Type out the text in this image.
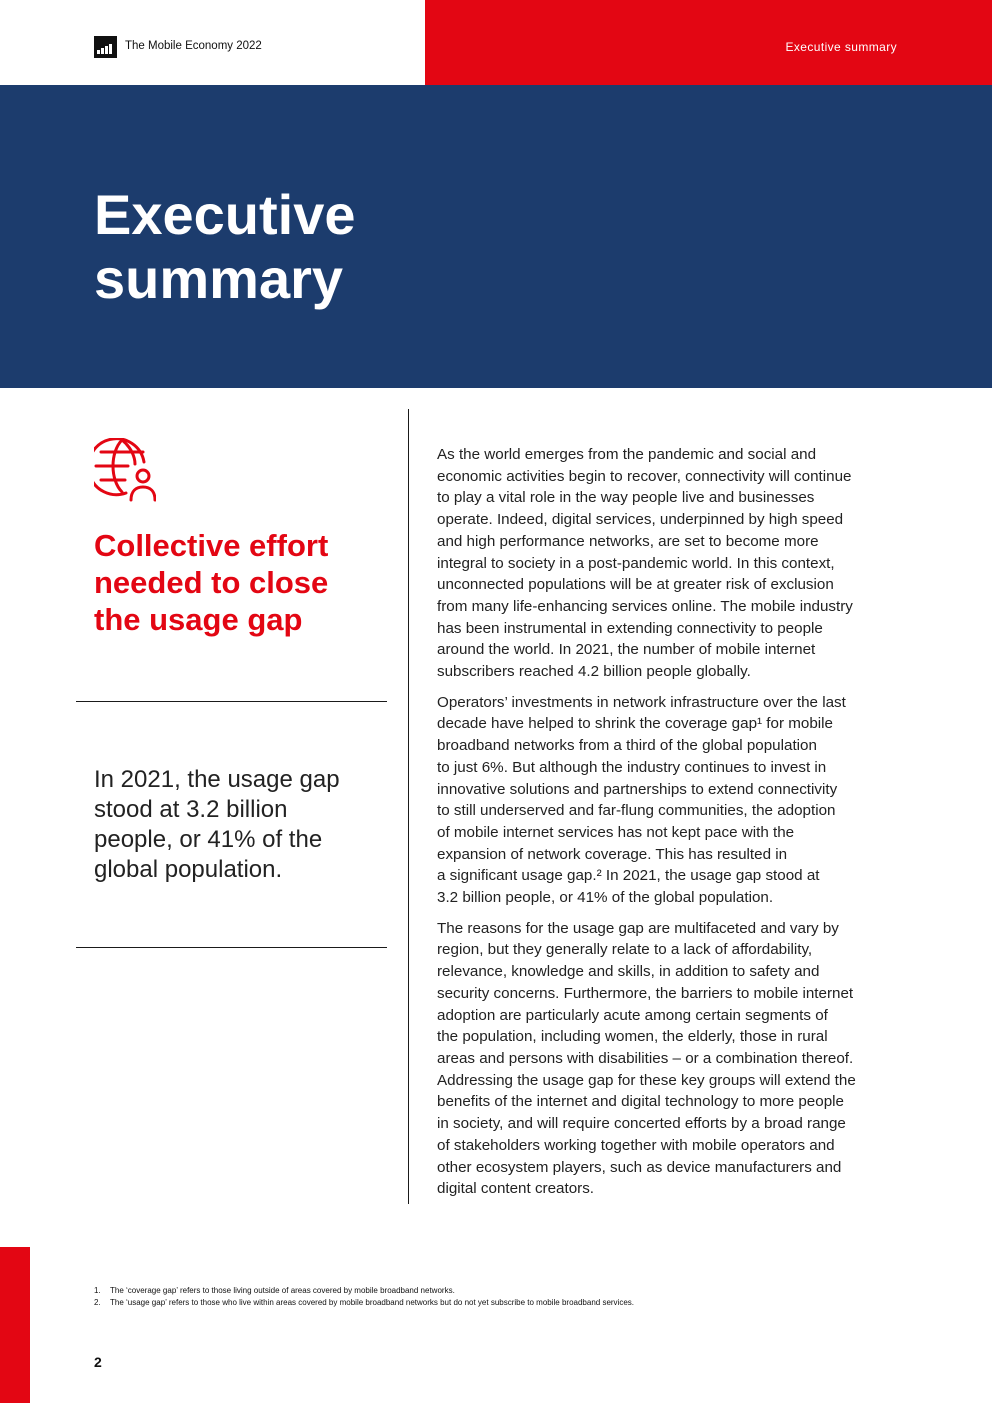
Executive summary
The Mobile Economy 2022
Executive
summary
Collective effort
needed to close
the usage gap

In 2021, the usage gap
stood at 3.2 billion
people, or 41% of the
global population.

As the world emerges from the pandemic and social and
economic activities begin to recover, connectivity will continue
to play a vital role in the way people live and businesses
operate. Indeed, digital services, underpinned by high speed
and high performance networks, are set to become more
integral to society in a post-pandemic world. In this context,
unconnected populations will be at greater risk of exclusion
from many life-enhancing services online. The mobile industry
has been instrumental in extending connectivity to people
around the world. In 2021, the number of mobile internet
subscribers reached 4.2 billion people globally.

Operators’ investments in network infrastructure over the last
decade have helped to shrink the coverage gap¹ for mobile
broadband networks from a third of the global population
to just 6%. But although the industry continues to invest in
innovative solutions and partnerships to extend connectivity
to still underserved and far-flung communities, the adoption
of mobile internet services has not kept pace with the
expansion of network coverage. This has resulted in
a significant usage gap.² In 2021, the usage gap stood at
3.2 billion people, or 41% of the global population.

The reasons for the usage gap are multifaceted and vary by
region, but they generally relate to a lack of affordability,
relevance, knowledge and skills, in addition to safety and
security concerns. Furthermore, the barriers to mobile internet
adoption are particularly acute among certain segments of
the population, including women, the elderly, those in rural
areas and persons with disabilities – or a combination thereof.
Addressing the usage gap for these key groups will extend the
benefits of the internet and digital technology to more people
in society, and will require concerted efforts by a broad range
of stakeholders working together with mobile operators and
other ecosystem players, such as device manufacturers and
digital content creators.

1.	The ‘coverage gap’ refers to those living outside of areas covered by mobile broadband networks.
2.	The ‘usage gap’ refers to those who live within areas covered by mobile broadband networks but do not yet subscribe to mobile broadband services.
2
